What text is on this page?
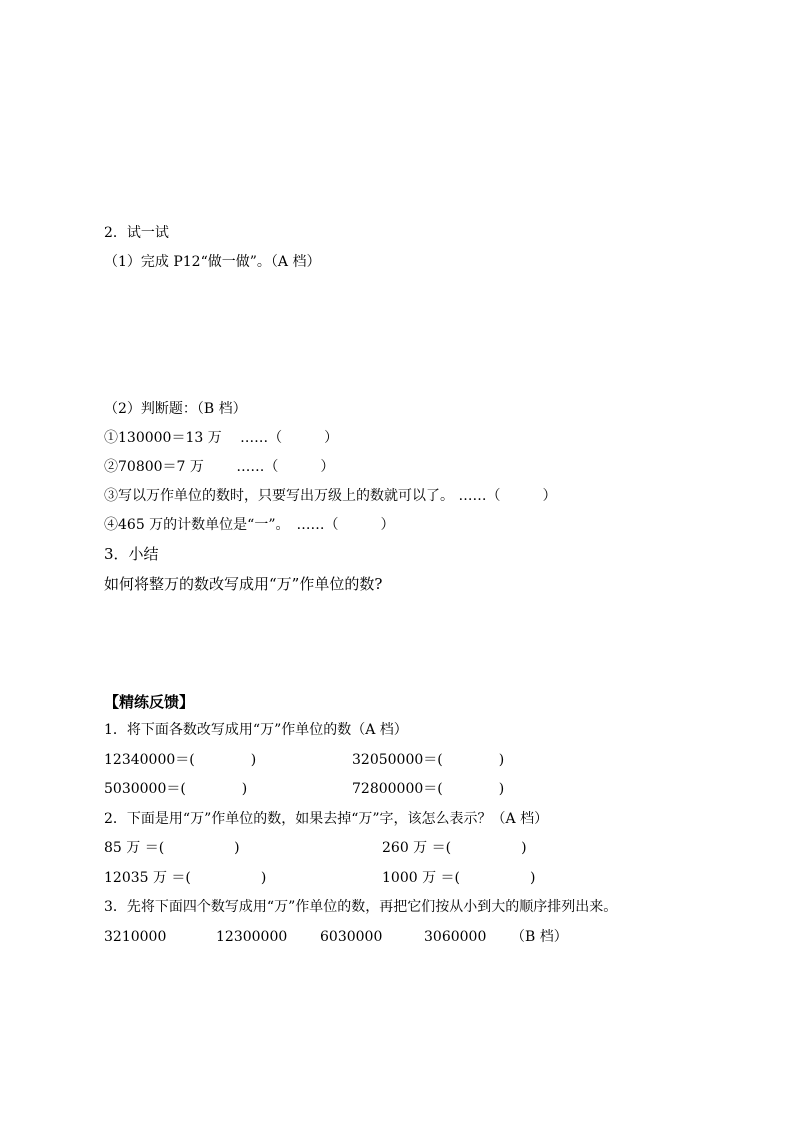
2．试一试
（1）完成 P12“做一做”。（A 档）
（2）判断题：（B 档）
①130000＝13 万　 ……（　　　）
②70800＝7 万　　 ……（　　　）
③写以万作单位的数时，只要写出万级上的数就可以了。 ……（　　　）
④465 万的计数单位是“一”。　……（　　　）
3．小结
如何将整万的数改写成用“万”作单位的数?
【精练反馈】
1．将下面各数改写成用“万”作单位的数（A 档）
12340000＝(　　　　)	32050000＝(　　　　)
5030000＝(　　　　)	72800000＝(　　　　)
2．下面是用“万”作单位的数，如果去掉“万”字，该怎么表示？（A 档）
85 万 ＝(　　　　　)	260 万 ＝(　　　　　)
12035 万 ＝(　　　　　)	1000 万 ＝(　　　　　)
3．先将下面四个数写成用“万”作单位的数，再把它们按从小到大的顺序排列出来。
3210000	12300000 6030000	3060000 （B 档）
